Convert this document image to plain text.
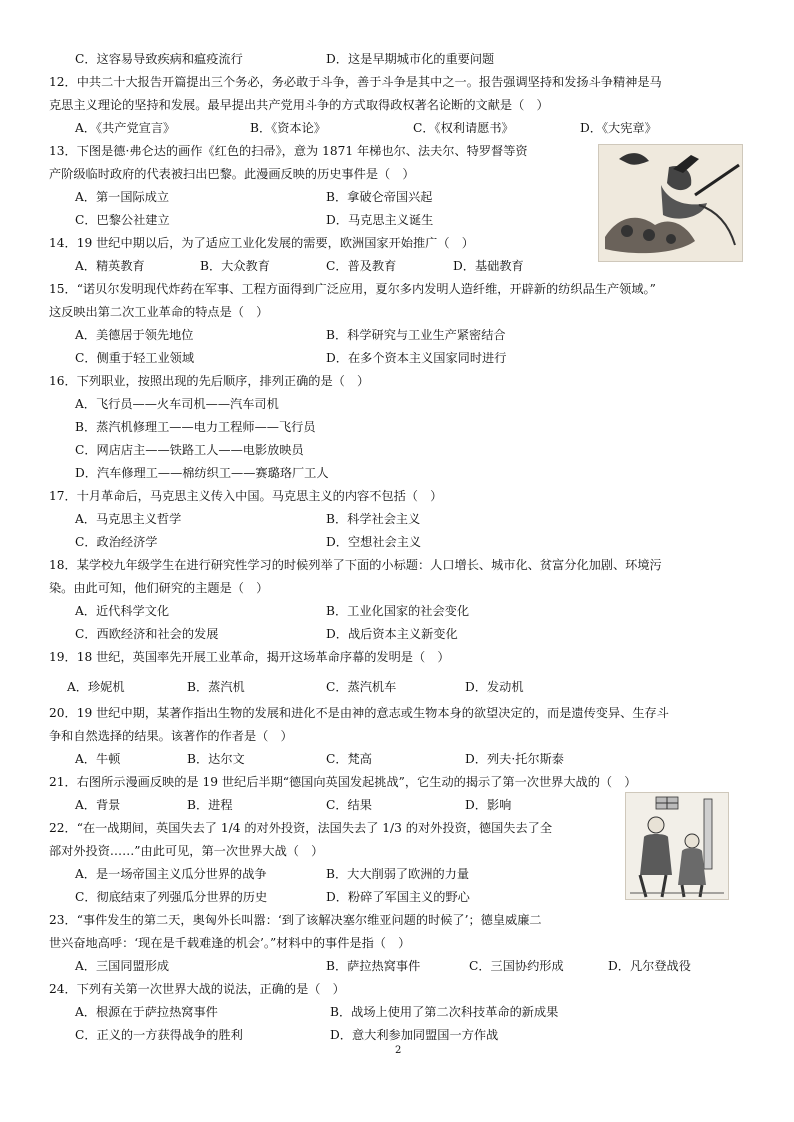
C．这容易导致疾病和瘟疫流行	D．这是早期城市化的重要问题
12．中共二十大报告开篇提出三个务必，务必敢于斗争，善于斗争是其中之一。报告强调坚持和发扬斗争精神是马
克思主义理论的坚持和发展。最早提出共产党用斗争的方式取得政权著名论断的文献是（　）
A．《共产党宣言》	B．《资本论》	C．《权利请愿书》	D．《大宪章》
13．下图是德·弗仑达的画作《红色的扫帚》，意为 1871 年梯也尔、法夫尔、特罗督等资
产阶级临时政府的代表被扫出巴黎。此漫画反映的历史事件是（　）
A．第一国际成立	B．拿破仑帝国兴起
C．巴黎公社建立	D．马克思主义诞生
14．19 世纪中期以后，为了适应工业化发展的需要，欧洲国家开始推广（　）
A．精英教育	B．大众教育	C．普及教育	D．基础教育
15．“诺贝尔发明现代炸药在军事、工程方面得到广泛应用，夏尔多内发明人造纤维，开辟新的纺织品生产领域。”
这反映出第二次工业革命的特点是（　）
A．美德居于领先地位	B．科学研究与工业生产紧密结合
C．侧重于轻工业领域	D．在多个资本主义国家同时进行
16．下列职业，按照出现的先后顺序，排列正确的是（　）
A．飞行员——火车司机——汽车司机
B．蒸汽机修理工——电力工程师——飞行员
C．网店店主——铁路工人——电影放映员
D．汽车修理工——棉纺织工——赛璐珞厂工人
17．十月革命后，马克思主义传入中国。马克思主义的内容不包括（　）
A．马克思主义哲学	B．科学社会主义
C．政治经济学	D．空想社会主义
18．某学校九年级学生在进行研究性学习的时候列举了下面的小标题：人口增长、城市化、贫富分化加剧、环境污
染。由此可知，他们研究的主题是（　）
A．近代科学文化	B．工业化国家的社会变化
C．西欧经济和社会的发展	D．战后资本主义新变化
19．18 世纪，英国率先开展工业革命，揭开这场革命序幕的发明是（　）
A．珍妮机	B．蒸汽机	C．蒸汽机车	D．发动机
20．19 世纪中期，某著作指出生物的发展和进化不是由神的意志或生物本身的欲望决定的，而是遗传变异、生存斗
争和自然选择的结果。该著作的作者是（　）
A．牛顿	B．达尔文	C．梵高	D．列夫·托尔斯泰
21．右图所示漫画反映的是 19 世纪后半期“德国向英国发起挑战”，它生动的揭示了第一次世界大战的（　）
A．背景	B．进程	C．结果	D．影响
22．“在一战期间，英国失去了 1/4 的对外投资，法国失去了 1/3 的对外投资，德国失去了全
部对外投资……”由此可见，第一次世界大战（　）
A．是一场帝国主义瓜分世界的战争	B．大大削弱了欧洲的力量
C．彻底结束了列强瓜分世界的历史	D．粉碎了军国主义的野心
23．“事件发生的第二天，奥匈外长叫嚣：‘到了该解决塞尔维亚问题的时候了’；德皇威廉二
世兴奋地高呼：‘现在是千载难逢的机会’。”材料中的事件是指（　）
A．三国同盟形成	B．萨拉热窝事件	C．三国协约形成	D．凡尔登战役
24．下列有关第一次世界大战的说法，正确的是（　）
A．根源在于萨拉热窝事件	B．战场上使用了第二次科技革命的新成果
C．正义的一方获得战争的胜利	D．意大利参加同盟国一方作战
2
